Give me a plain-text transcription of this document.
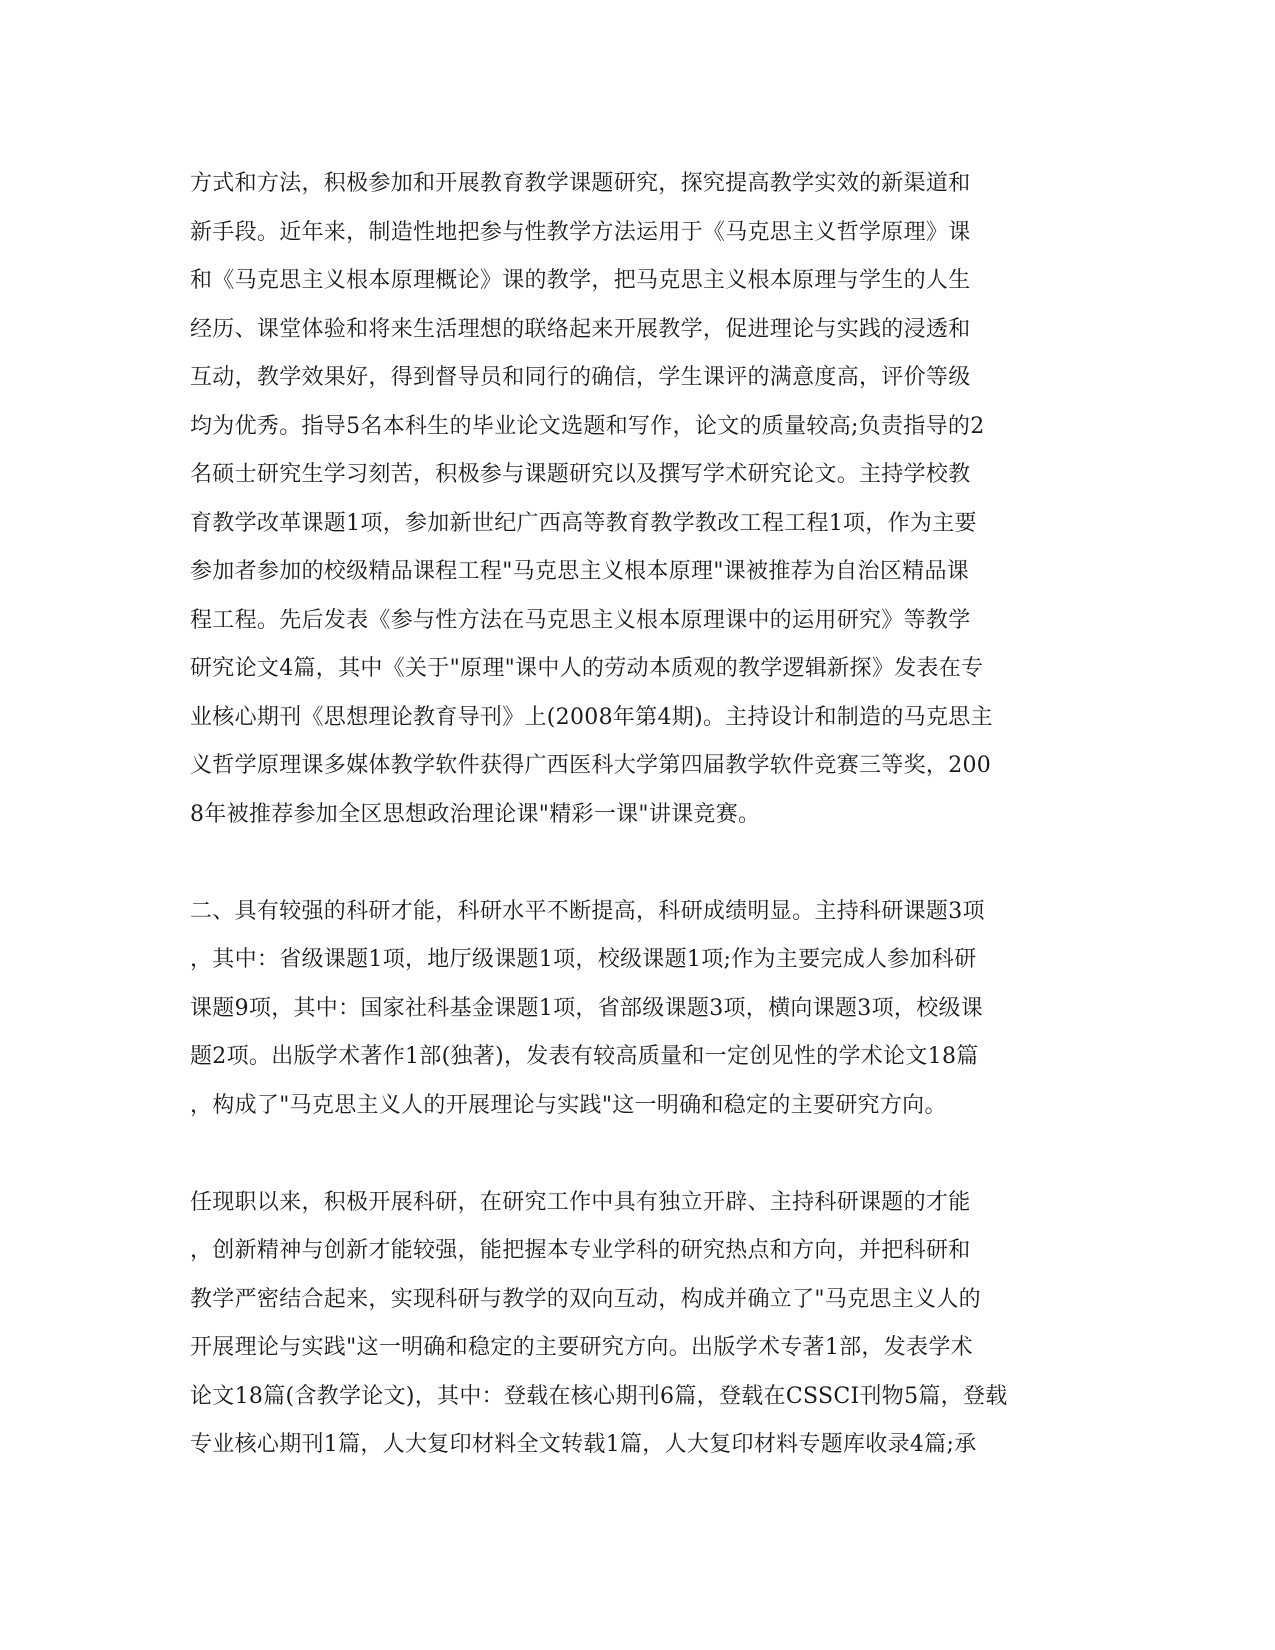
方式和方法，积极参加和开展教育教学课题研究，探究提高教学实效的新渠道和
新手段。近年来，制造性地把参与性教学方法运用于《马克思主义哲学原理》课
和《马克思主义根本原理概论》课的教学，把马克思主义根本原理与学生的人生
经历、课堂体验和将来生活理想的联络起来开展教学，促进理论与实践的浸透和
互动，教学效果好，得到督导员和同行的确信，学生课评的满意度高，评价等级
均为优秀。指导5名本科生的毕业论文选题和写作，论文的质量较高;负责指导的2
名硕士研究生学习刻苦，积极参与课题研究以及撰写学术研究论文。主持学校教
育教学改革课题1项，参加新世纪广西高等教育教学教改工程工程1项，作为主要
参加者参加的校级精品课程工程"马克思主义根本原理"课被推荐为自治区精品课
程工程。先后发表《参与性方法在马克思主义根本原理课中的运用研究》等教学
研究论文4篇，其中《关于"原理"课中人的劳动本质观的教学逻辑新探》发表在专
业核心期刊《思想理论教育导刊》上(2008年第4期)。主持设计和制造的马克思主
义哲学原理课多媒体教学软件获得广西医科大学第四届教学软件竞赛三等奖，200
8年被推荐参加全区思想政治理论课"精彩一课"讲课竞赛。
二、具有较强的科研才能，科研水平不断提高，科研成绩明显。主持科研课题3项
，其中：省级课题1项，地厅级课题1项，校级课题1项;作为主要完成人参加科研
课题9项，其中：国家社科基金课题1项，省部级课题3项，横向课题3项，校级课
题2项。出版学术著作1部(独著)，发表有较高质量和一定创见性的学术论文18篇
，构成了"马克思主义人的开展理论与实践"这一明确和稳定的主要研究方向。
任现职以来，积极开展科研，在研究工作中具有独立开辟、主持科研课题的才能
，创新精神与创新才能较强，能把握本专业学科的研究热点和方向，并把科研和
教学严密结合起来，实现科研与教学的双向互动，构成并确立了"马克思主义人的
开展理论与实践"这一明确和稳定的主要研究方向。出版学术专著1部，发表学术
论文18篇(含教学论文)，其中：登载在核心期刊6篇，登载在CSSCI刊物5篇，登载
专业核心期刊1篇，人大复印材料全文转载1篇，人大复印材料专题库收录4篇;承
